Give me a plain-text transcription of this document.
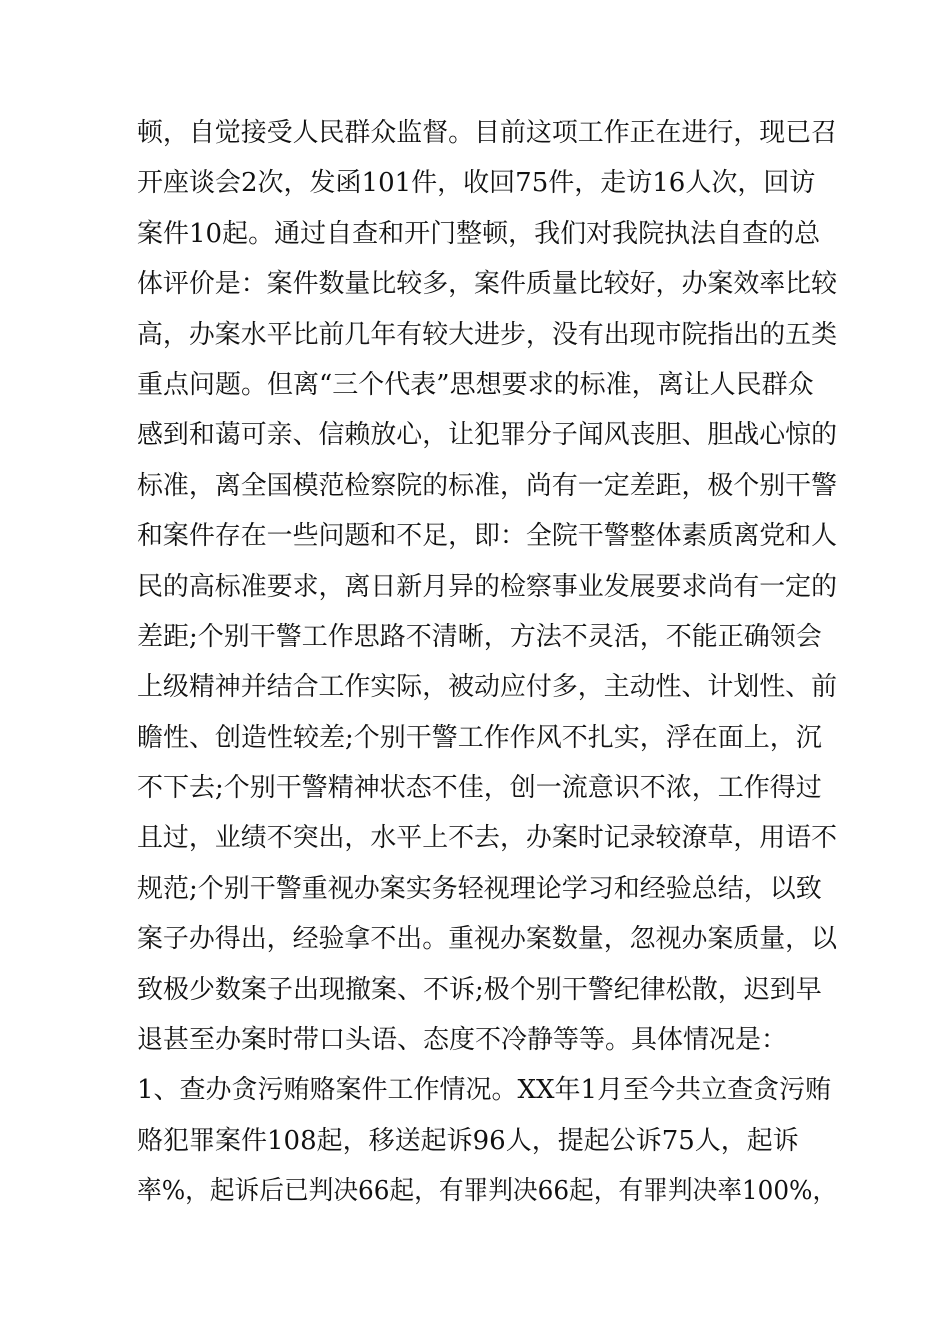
顿，自觉接受人民群众监督。目前这项工作正在进行，现已召
开座谈会2次，发函101件，收回75件，走访16人次，回访
案件10起。通过自查和开门整顿，我们对我院执法自查的总
体评价是：案件数量比较多，案件质量比较好，办案效率比较
高，办案水平比前几年有较大进步，没有出现市院指出的五类
重点问题。但离“三个代表”思想要求的标准，离让人民群众
感到和蔼可亲、信赖放心，让犯罪分子闻风丧胆、胆战心惊的
标准，离全国模范检察院的标准，尚有一定差距，极个别干警
和案件存在一些问题和不足，即：全院干警整体素质离党和人
民的高标准要求，离日新月异的检察事业发展要求尚有一定的
差距;个别干警工作思路不清晰，方法不灵活，不能正确领会
上级精神并结合工作实际，被动应付多，主动性、计划性、前
瞻性、创造性较差;个别干警工作作风不扎实，浮在面上，沉
不下去;个别干警精神状态不佳，创一流意识不浓，工作得过
且过，业绩不突出，水平上不去，办案时记录较潦草，用语不
规范;个别干警重视办案实务轻视理论学习和经验总结，以致
案子办得出，经验拿不出。重视办案数量，忽视办案质量，以
致极少数案子出现撤案、不诉;极个别干警纪律松散，迟到早
退甚至办案时带口头语、态度不冷静等等。具体情况是：
1、查办贪污贿赂案件工作情况。XX年1月至今共立查贪污贿
赂犯罪案件108起，移送起诉96人，提起公诉75人，起诉
率%，起诉后已判决66起，有罪判决66起，有罪判决率100%，
